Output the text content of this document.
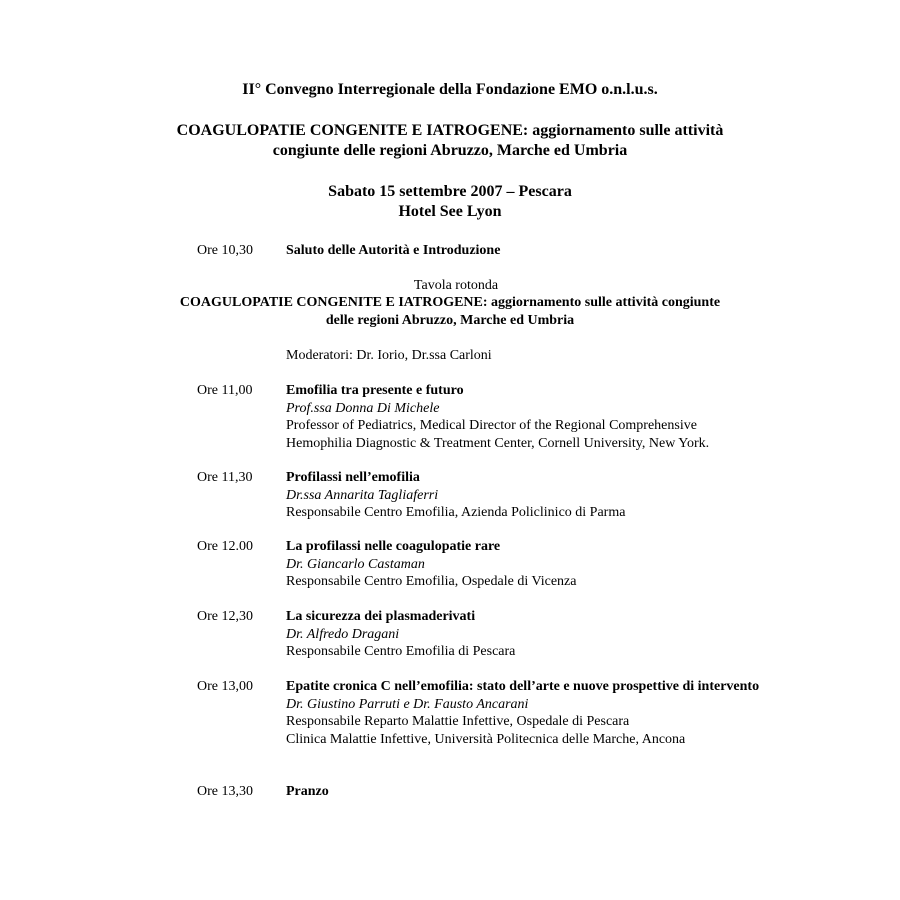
II° Convegno Interregionale della Fondazione EMO o.n.l.u.s.
COAGULOPATIE CONGENITE E IATROGENE: aggiornamento sulle attività
congiunte delle regioni Abruzzo, Marche ed Umbria
Sabato 15 settembre 2007 – Pescara
Hotel See Lyon
Ore 10,30 Saluto delle Autorità e Introduzione
Tavola rotonda
COAGULOPATIE CONGENITE E IATROGENE: aggiornamento sulle attività congiunte
delle regioni Abruzzo, Marche ed Umbria
Moderatori: Dr. Iorio, Dr.ssa Carloni
Ore 11,00 Emofilia tra presente e futuro
Prof.ssa Donna Di Michele
Professor of Pediatrics, Medical Director of the Regional Comprehensive
Hemophilia Diagnostic & Treatment Center, Cornell University, New York.
Ore 11,30 Profilassi nell’emofilia
Dr.ssa Annarita Tagliaferri
Responsabile Centro Emofilia, Azienda Policlinico di Parma
Ore 12.00 La profilassi nelle coagulopatie rare
Dr. Giancarlo Castaman
Responsabile Centro Emofilia, Ospedale di Vicenza
Ore 12,30 La sicurezza dei plasmaderivati
Dr. Alfredo Dragani
Responsabile Centro Emofilia di Pescara
Ore 13,00 Epatite cronica C nell’emofilia: stato dell’arte e nuove prospettive di intervento
Dr. Giustino Parruti e Dr. Fausto Ancarani
Responsabile Reparto Malattie Infettive, Ospedale di Pescara
Clinica Malattie Infettive, Università Politecnica delle Marche, Ancona
Ore 13,30 Pranzo
